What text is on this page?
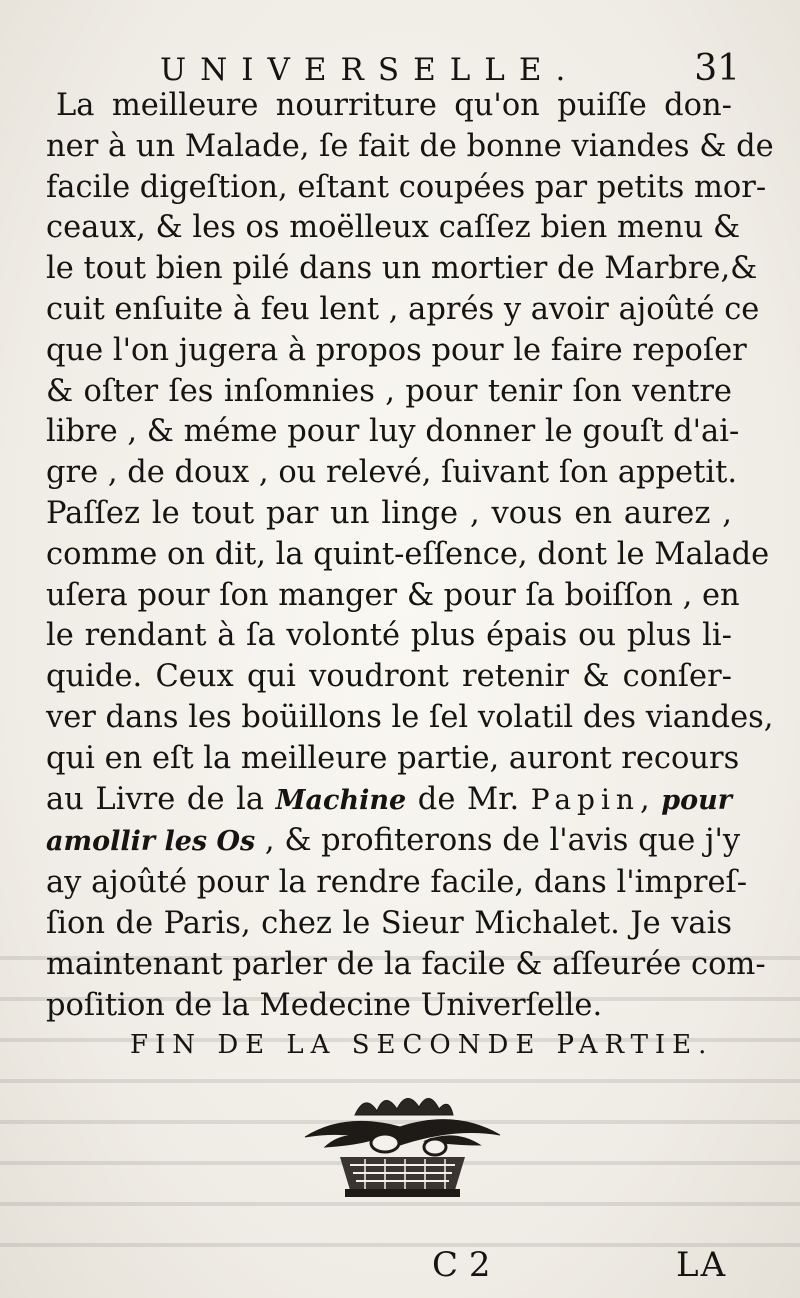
UNIVERSELLE.	31
La meilleure nourriture qu'on puiſſe don-
ner à un Malade, ſe fait de bonne viandes & de
facile digeſtion, eſtant coupées par petits mor-
ceaux, & les os moëlleux caſſez bien menu &
le tout bien pilé dans un mortier de Marbre,&
cuit enſuite à feu lent , aprés y avoir ajoûté ce
que l'on jugera à propos pour le faire repoſer
& oſter ſes inſomnies , pour tenir ſon ventre
libre , & méme pour luy donner le gouſt d'ai-
gre , de doux , ou relevé, ſuivant ſon appetit.
Paſſez le tout par un linge , vous en aurez ,
comme on dit, la quint-eſſence, dont le Malade
uſera pour ſon manger & pour ſa boiſſon , en
le rendant à ſa volonté plus épais ou plus li-
quide. Ceux qui voudront retenir & conſer-
ver dans les boüillons le ſel volatil des viandes,
qui en eſt la meilleure partie, auront recours
au Livre de la Machine de Mr. Papin, pour
amollir les Os , & profiterons de l'avis que j'y
ay ajoûté pour la rendre facile, dans l'impreſ-
ſion de Paris, chez le Sieur Michalet. Je vais
maintenant parler de la facile & aſſeurée com-
poſition de la Medecine Univerſelle.
FIN DE LA SECONDE PARTIE.
C 2	LA
